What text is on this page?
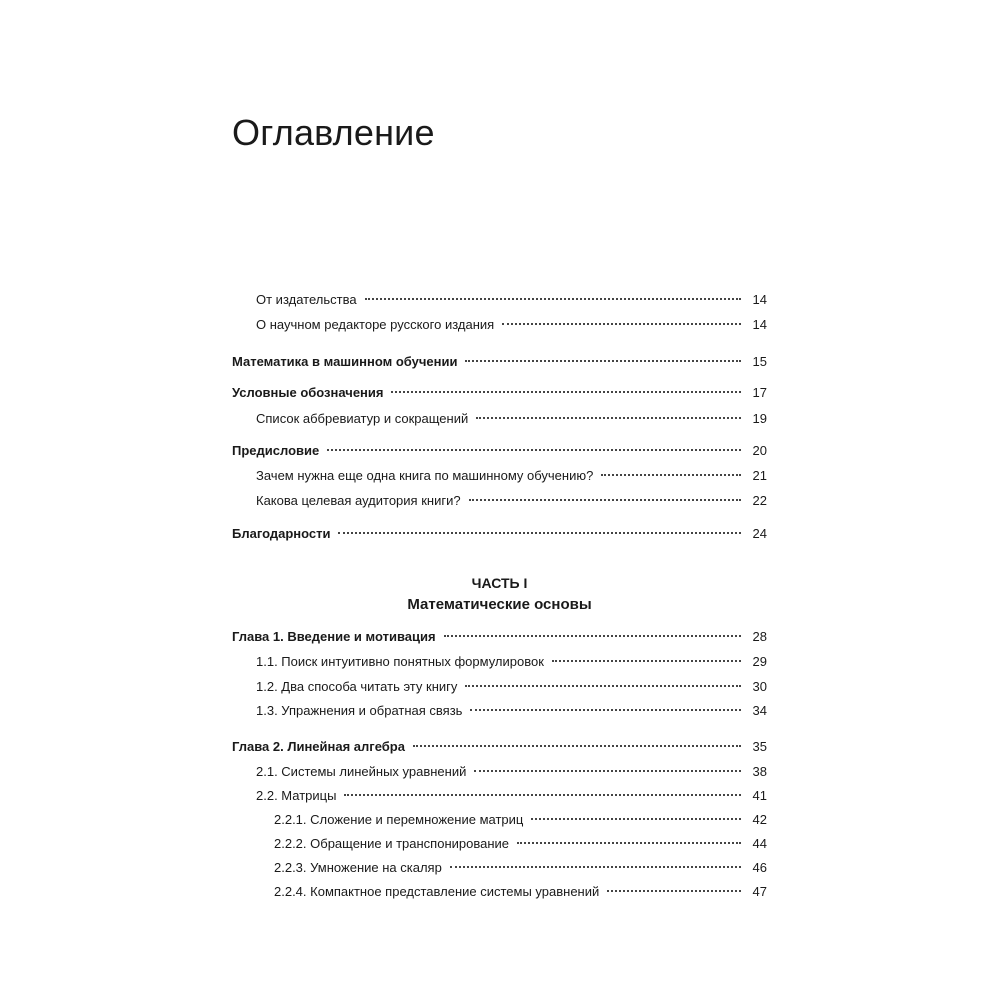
Оглавление
От издательства	14
О научном редакторе русского издания	14
Математика в машинном обучении	15
Условные обозначения	17
Список аббревиатур и сокращений	19
Предисловие	20
Зачем нужна еще одна книга по машинному обучению?	21
Какова целевая аудитория книги?	22
Благодарности	24
ЧАСТЬ I
Математические основы
Глава 1. Введение и мотивация	28
1.1. Поиск интуитивно понятных формулировок	29
1.2. Два способа читать эту книгу	30
1.3. Упражнения и обратная связь	34
Глава 2. Линейная алгебра	35
2.1. Системы линейных уравнений	38
2.2. Матрицы	41
2.2.1. Сложение и перемножение матриц	42
2.2.2. Обращение и транспонирование	44
2.2.3. Умножение на скаляр	46
2.2.4. Компактное представление системы уравнений	47
